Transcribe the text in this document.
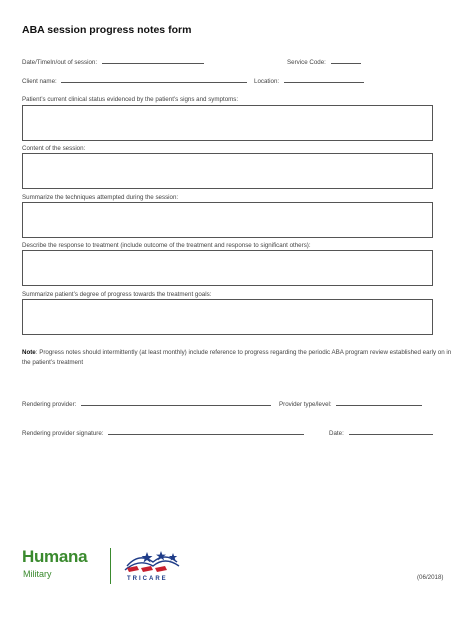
ABA session progress notes form
Date/TimeIn/out of session:	Service Code:
Client name:	Location:
Patient’s current clinical status evidenced by the patient’s signs and symptoms:
Content of the session:
Summarize the techniques attempted during the session:
Describe the response to treatment (include outcome of the treatment and response to significant others):
Summarize patient’s degree of progress towards the treatment goals:
Note: Progress notes should intermittently (at least monthly) include reference to progress regarding the periodic ABA program review established early on in the patient’s treatment
Rendering provider:	Provider type/level:
Rendering provider signature:	Date:
Humana
Military	TRICARE	(06/2018)
